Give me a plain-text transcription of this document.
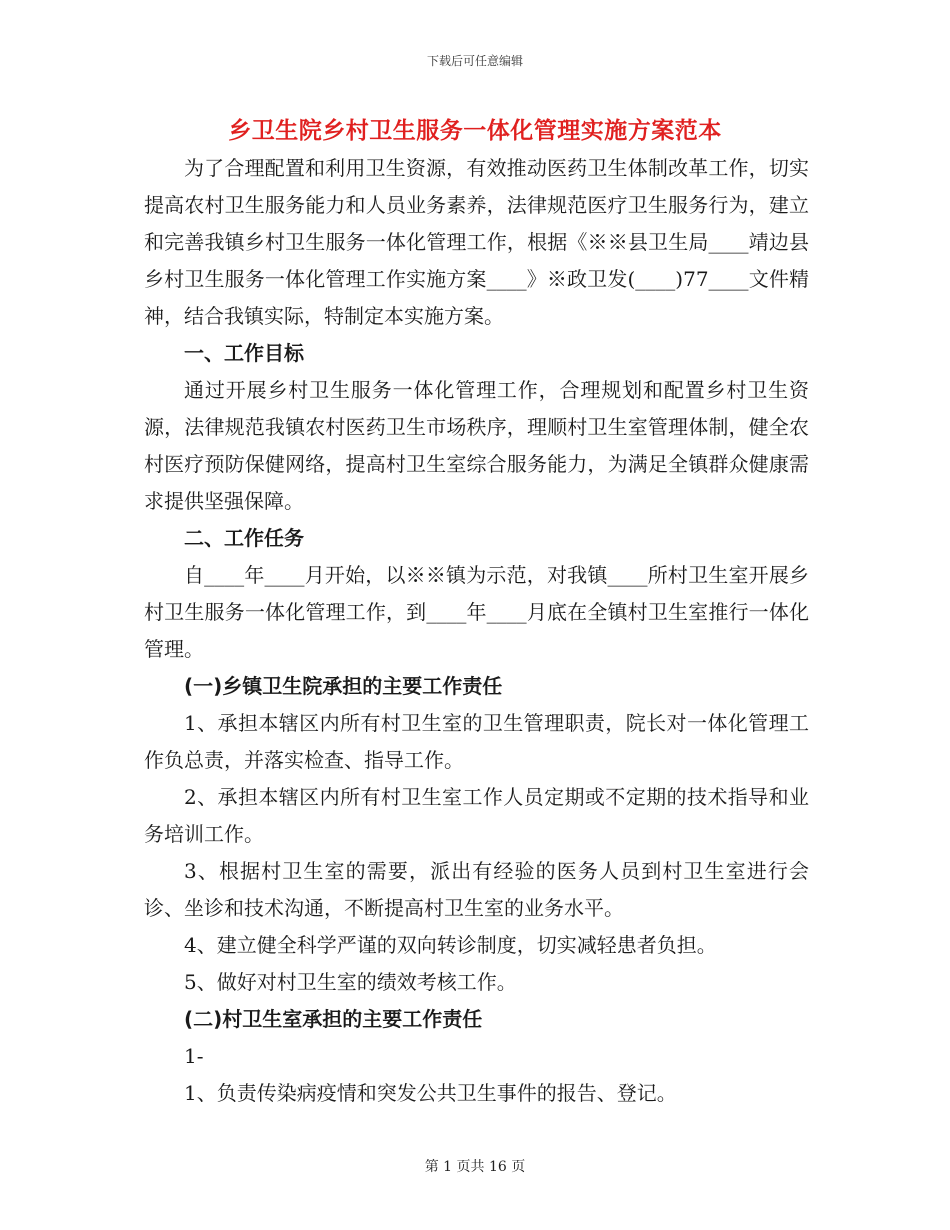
下载后可任意编辑
乡卫生院乡村卫生服务一体化管理实施方案范本

为了合理配置和利用卫生资源，有效推动医药卫生体制改革工作，切实提高农村卫生服务能力和人员业务素养，法律规范医疗卫生服务行为，建立和完善我镇乡村卫生服务一体化管理工作，根据《※※县卫生局____靖边县乡村卫生服务一体化管理工作实施方案____》※政卫发(____)77____文件精神，结合我镇实际，特制定本实施方案。

一、工作目标

通过开展乡村卫生服务一体化管理工作，合理规划和配置乡村卫生资源，法律规范我镇农村医药卫生市场秩序，理顺村卫生室管理体制，健全农村医疗预防保健网络，提高村卫生室综合服务能力，为满足全镇群众健康需求提供坚强保障。

二、工作任务

自____年____月开始，以※※镇为示范，对我镇____所村卫生室开展乡村卫生服务一体化管理工作，到____年____月底在全镇村卫生室推行一体化管理。

(一)乡镇卫生院承担的主要工作责任

1、承担本辖区内所有村卫生室的卫生管理职责，院长对一体化管理工作负总责，并落实检查、指导工作。

2、承担本辖区内所有村卫生室工作人员定期或不定期的技术指导和业务培训工作。

3、根据村卫生室的需要，派出有经验的医务人员到村卫生室进行会诊、坐诊和技术沟通，不断提高村卫生室的业务水平。

4、建立健全科学严谨的双向转诊制度，切实减轻患者负担。

5、做好对村卫生室的绩效考核工作。

(二)村卫生室承担的主要工作责任

1-

1、负责传染病疫情和突发公共卫生事件的报告、登记。

第 1 页共 16 页
